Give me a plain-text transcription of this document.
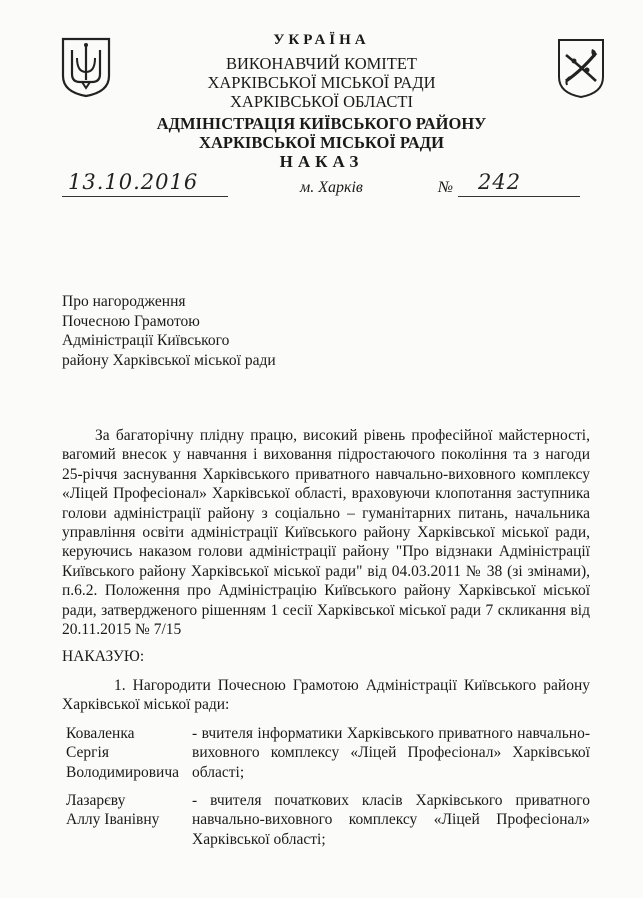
УКРАЇНА
ВИКОНАВЧИЙ КОМІТЕТ
ХАРКІВСЬКОЇ МІСЬКОЇ РАДИ
ХАРКІВСЬКОЇ ОБЛАСТІ
АДМІНІСТРАЦІЯ КИЇВСЬКОГО РАЙОНУ
ХАРКІВСЬКОЇ МІСЬКОЇ РАДИ
НАКАЗ
13.10.2016	м. Харків	№ 242
Про нагородження
Почесною Грамотою
Адміністрації Київського
району Харківської міської ради
За багаторічну плідну працю, високий рівень професійної майстерності, вагомий внесок у навчання і виховання підростаючого покоління та з нагоди 25-річчя заснування Харківського приватного навчально-виховного комплексу «Ліцей Професіонал» Харківської області, враховуючи клопотання заступника голови адміністрації району з соціально – гуманітарних питань, начальника управління освіти адміністрації Київського району Харківської міської ради, керуючись наказом голови адміністрації району "Про відзнаки Адміністрації Київського району Харківської міської ради" від 04.03.2011 № 38 (зі змінами), п.6.2. Положення про Адміністрацію Київського району Харківської міської ради, затвердженого рішенням 1 сесії Харківської міської ради 7 скликання від 20.11.2015 № 7/15
НАКАЗУЮ:
1. Нагородити Почесною Грамотою Адміністрації Київського району Харківської міської ради:
Коваленка
Сергія
Володимировича
- вчителя інформатики Харківського приватного навчально-виховного комплексу «Ліцей Професіонал» Харківської області;
Лазарєву
Аллу Іванівну
- вчителя початкових класів Харківського приватного навчально-виховного комплексу «Ліцей Професіонал» Харківської області;
